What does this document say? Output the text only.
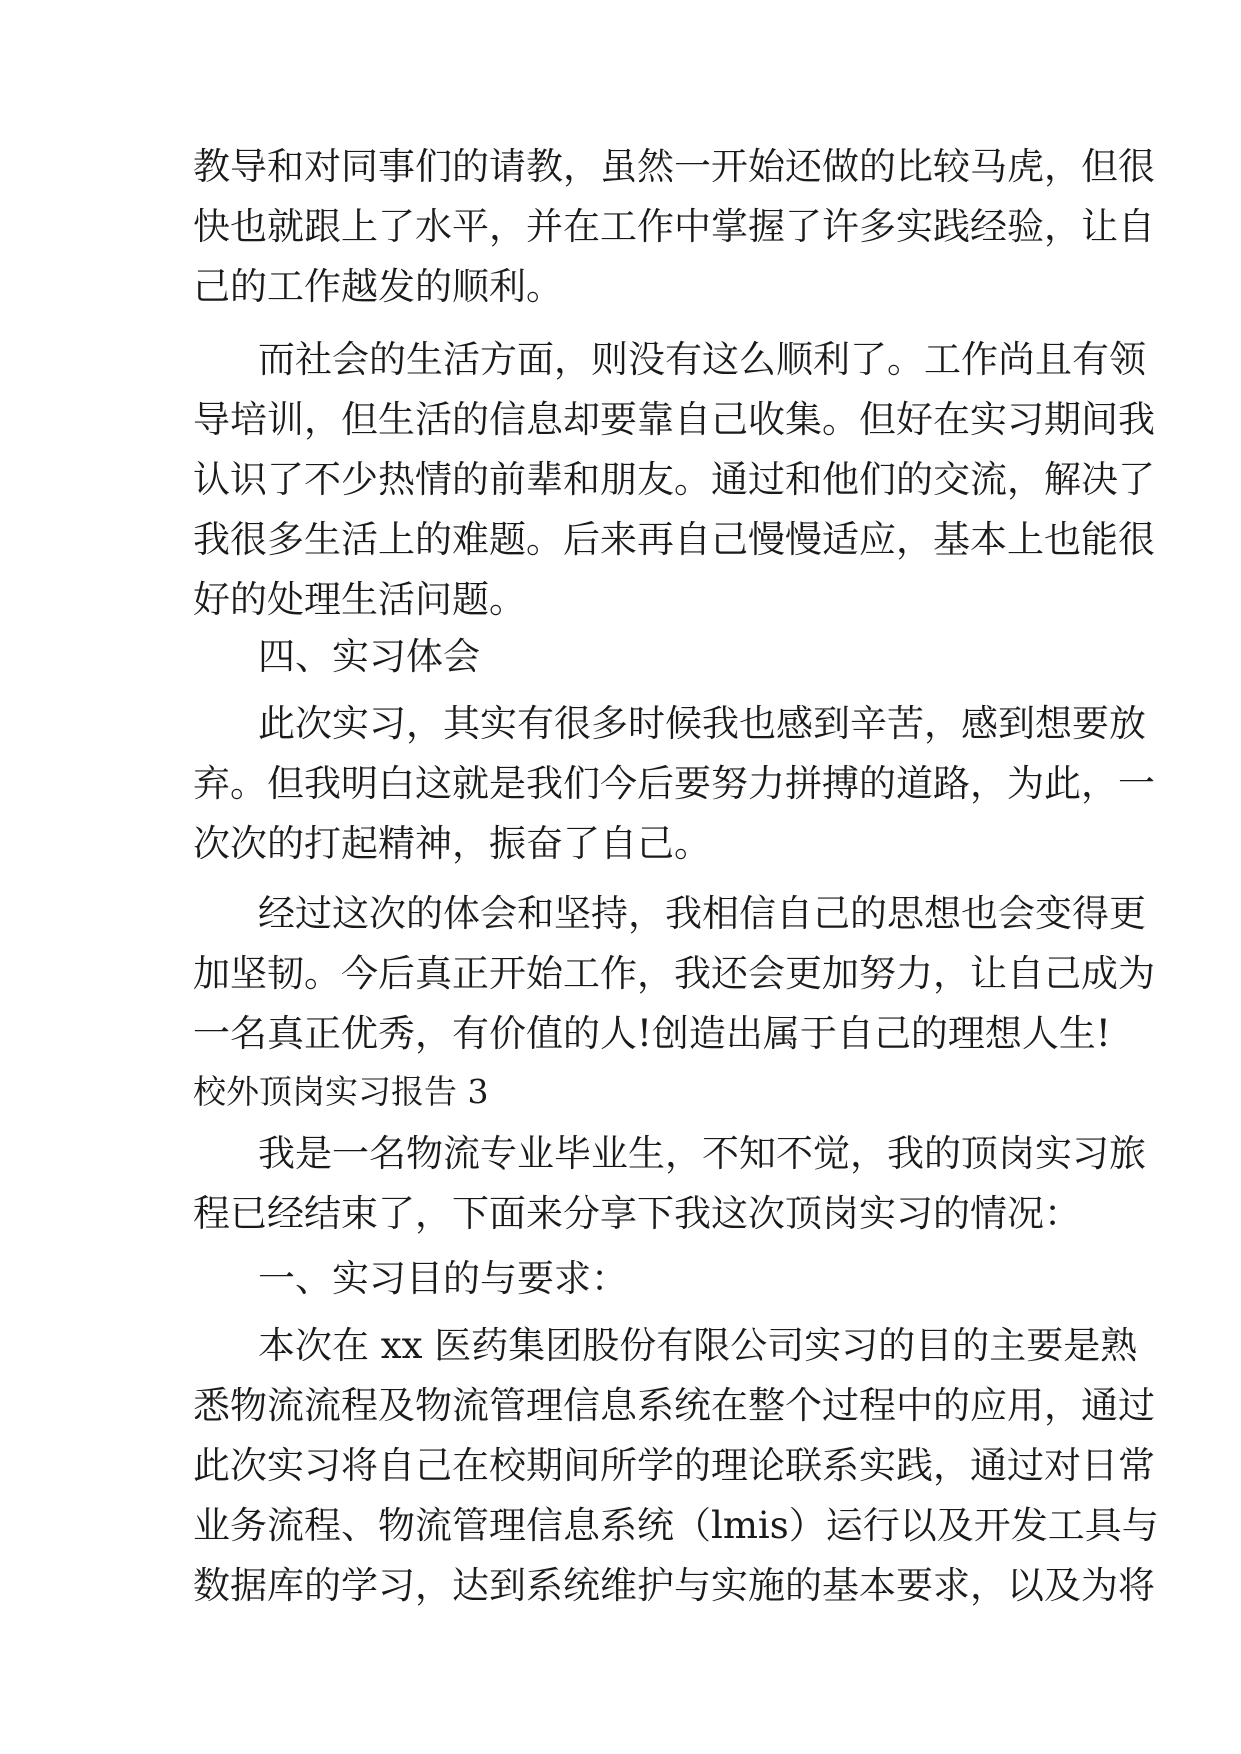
教导和对同事们的请教，虽然一开始还做的比较马虎，但很
快也就跟上了水平，并在工作中掌握了许多实践经验，让自
己的工作越发的顺利。
而社会的生活方面，则没有这么顺利了。工作尚且有领
导培训，但生活的信息却要靠自己收集。但好在实习期间我
认识了不少热情的前辈和朋友。通过和他们的交流，解决了
我很多生活上的难题。后来再自己慢慢适应，基本上也能很
好的处理生活问题。
四、实习体会
此次实习，其实有很多时候我也感到辛苦，感到想要放
弃。但我明白这就是我们今后要努力拼搏的道路，为此，一
次次的打起精神，振奋了自己。
经过这次的体会和坚持，我相信自己的思想也会变得更
加坚韧。今后真正开始工作，我还会更加努力，让自己成为
一名真正优秀，有价值的人!创造出属于自己的理想人生!
校外顶岗实习报告 3
我是一名物流专业毕业生，不知不觉，我的顶岗实习旅
程已经结束了，下面来分享下我这次顶岗实习的情况：
一、实习目的与要求：
本次在 xx 医药集团股份有限公司实习的目的主要是熟
悉物流流程及物流管理信息系统在整个过程中的应用，通过
此次实习将自己在校期间所学的理论联系实践，通过对日常
业务流程、物流管理信息系统（lmis）运行以及开发工具与
数据库的学习，达到系统维护与实施的基本要求，以及为将
